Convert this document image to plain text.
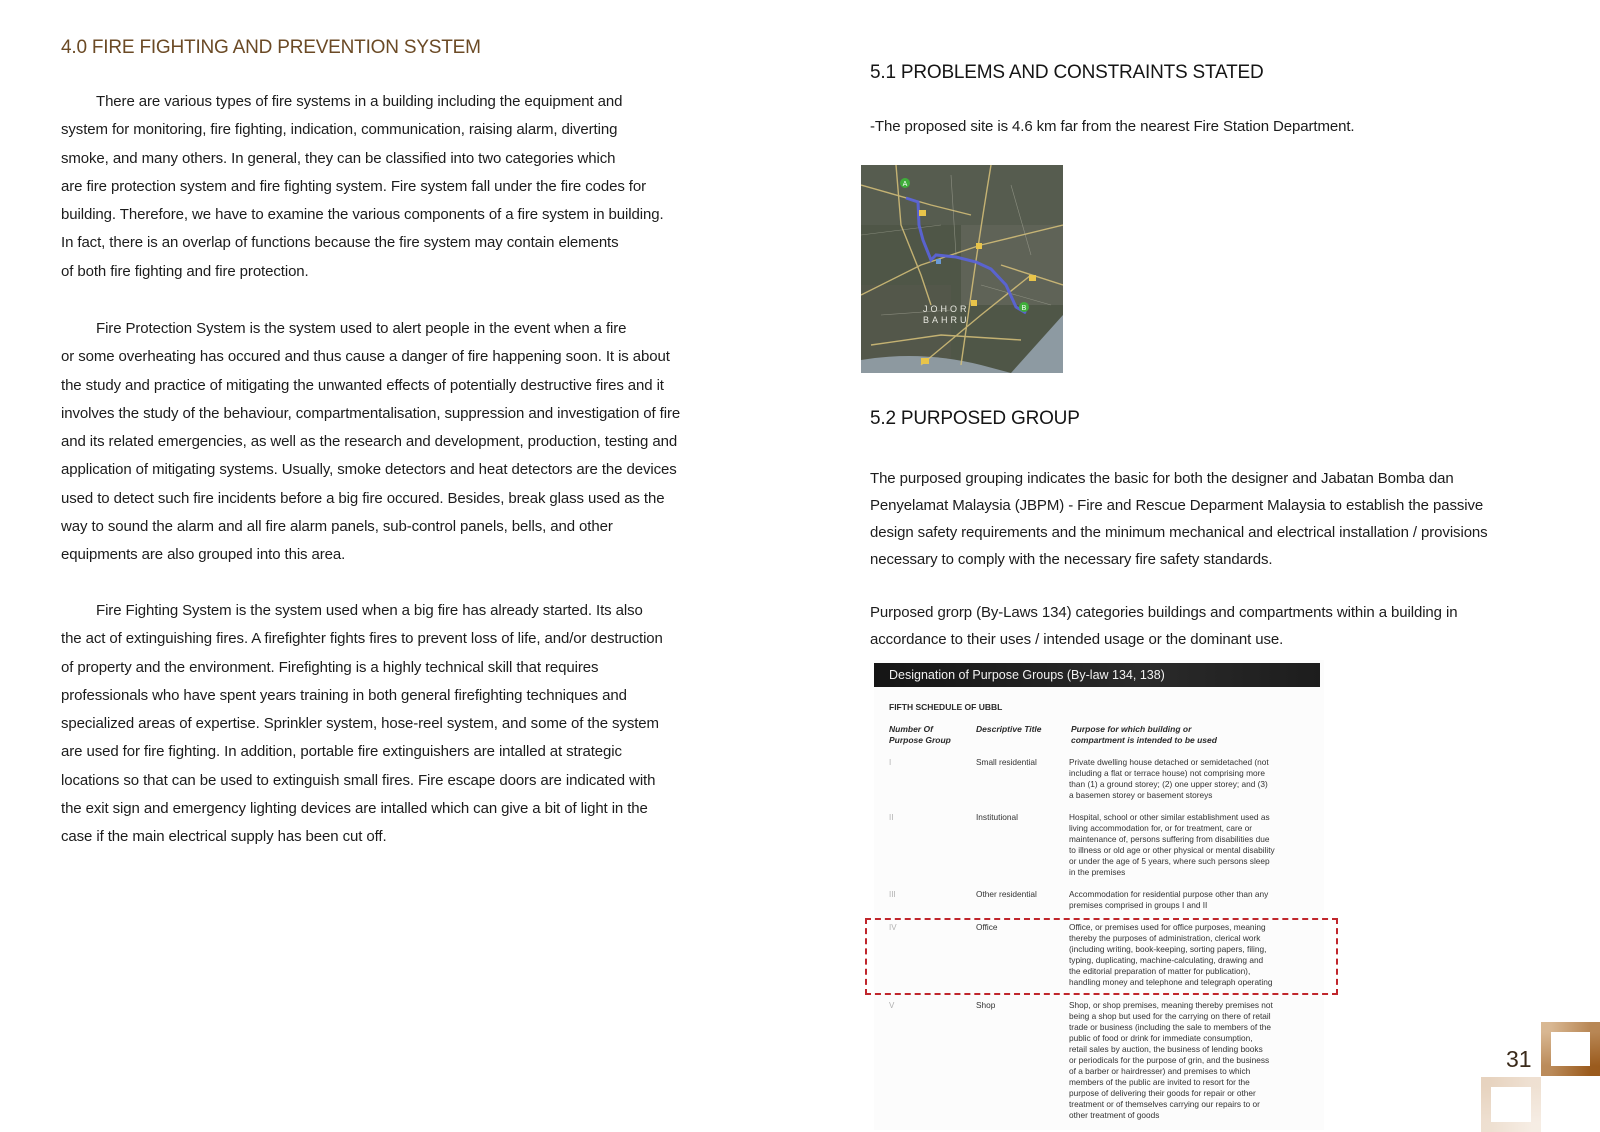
4.0 FIRE FIGHTING AND PREVENTION SYSTEM
There are various types of fire systems in a building including the equipment and
system for monitoring, fire fighting, indication, communication, raising alarm, diverting
smoke, and many others. In general, they can be classified into two categories which
are fire protection system and fire fighting system. Fire system fall under the fire codes for
building. Therefore, we have to examine the various components of a fire system in building.
In fact, there is an overlap of functions because the fire system may contain elements
of both fire fighting and fire protection.
Fire Protection System is the system used to alert people in the event when a fire
or some overheating has occured and thus cause a danger of fire happening soon. It is about
the study and practice of mitigating the unwanted effects of potentially destructive fires and it
involves the study of the behaviour, compartmentalisation, suppression and investigation of fire
and its related emergencies, as well as the research and development, production, testing and
application of mitigating systems. Usually, smoke detectors and heat detectors are the devices
used to detect such fire incidents before a big fire occured. Besides, break glass used as the
way to sound the alarm and all fire alarm panels, sub-control panels, bells, and other
equipments are also grouped into this area.
Fire Fighting System is the system used when a big fire has already started. Its also
the act of extinguishing fires. A firefighter fights fires to prevent loss of life, and/or destruction
of property and the environment. Firefighting is a highly technical skill that requires
professionals who have spent years training in both general firefighting techniques and
specialized areas of expertise. Sprinkler system, hose-reel system, and some of the system
are used for fire fighting. In addition, portable fire extinguishers are intalled at strategic
locations so that can be used to extinguish small fires. Fire escape doors are indicated with
the exit sign and emergency lighting devices are intalled which can give a bit of light in the
case if the main electrical supply has been cut off.
5.1 PROBLEMS AND CONSTRAINTS STATED

-The proposed site is 4.6 km far from the nearest Fire Station Department.

A
B
JOHOR
BAHRU
5.2 PURPOSED GROUP
The purposed grouping indicates the basic for both the designer and Jabatan Bomba dan
Penyelamat Malaysia (JBPM) - Fire and Rescue Deparment Malaysia to establish the passive
design safety requirements and the minimum mechanical and electrical installation / provisions
necessary to comply with the necessary fire safety standards.
Purposed grorp (By-Laws 134) categories buildings and compartments within a building in
accordance to their uses / intended usage or the dominant use.
Designation of Purpose Groups (By-law 134, 138)
FIFTH SCHEDULE OF UBBL
Number Of
Purpose Group
Descriptive Title	Purpose for which building or
compartment is intended to be used
I	Small residential	Private dwelling house detached or semidetached (not
including a flat or terrace house) not comprising more
than (1) a ground storey; (2) one upper storey; and (3)
a basemen storey or basement storeys
II	Institutional	Hospital, school or other similar establishment used as
living accommodation for, or for treatment, care or
maintenance of, persons suffering from disabilities due
to illness or old age or other physical or mental disability
or under the age of 5 years, where such persons sleep
in the premises
III	Other residential	Accommodation for residential purpose other than any
premises comprised in groups I and II
IV	Office	Office, or premises used for office purposes, meaning
thereby the purposes of administration, clerical work
(including writing, book-keeping, sorting papers, filing,
typing, duplicating, machine-calculating, drawing and
the editorial preparation of matter for publication),
handling money and telephone and telegraph operating
V	Shop	Shop, or shop premises, meaning thereby premises not
being a shop but used for the carrying on there of retail
trade or business (including the sale to members of the
public of food or drink for immediate consumption,
retail sales by auction, the business of lending books
or periodicals for the purpose of grin, and the business
of a barber or hairdresser) and premises to which
members of the public are invited to resort for the
purpose of delivering their goods for repair or other
treatment or of themselves carrying our repairs to or
other treatment of goods
31
